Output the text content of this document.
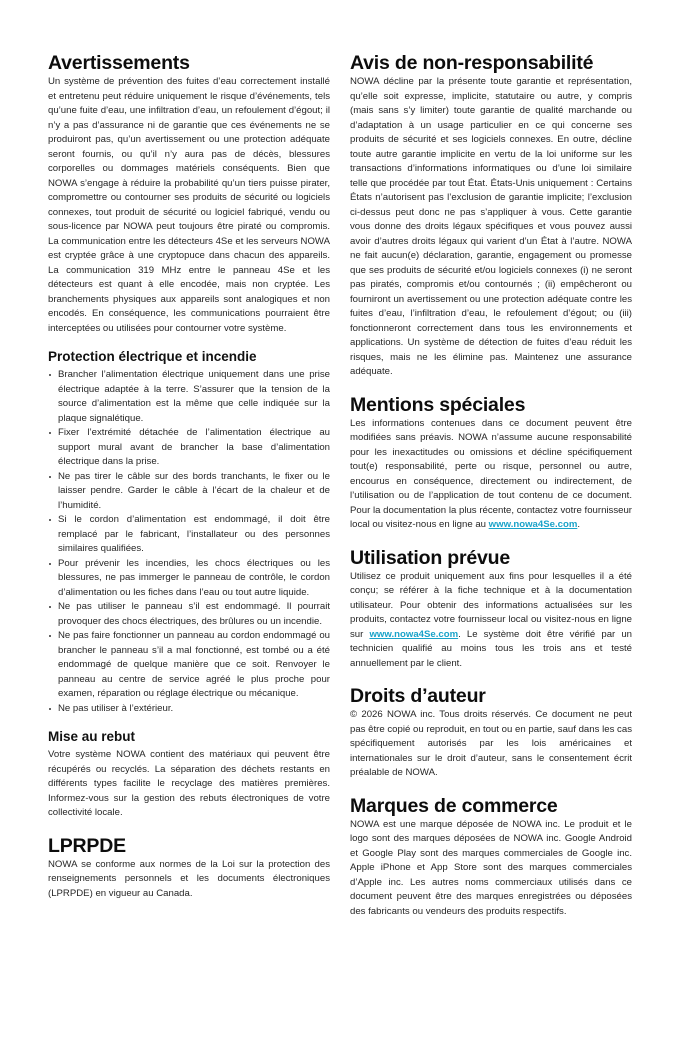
Avertissements

Un système de prévention des fuites d’eau correctement installé et entretenu peut réduire uniquement le risque d’événements, tels qu’une fuite d’eau, une infiltration d’eau, un refoulement d’égout; il n’y a pas d’assurance ni de garantie que ces événements ne se produiront pas, qu’un avertissement ou une protection adéquate seront fournis, ou qu’il n’y aura pas de décès, blessures corporelles ou dommages matériels conséquents. Bien que NOWA s’engage à réduire la probabilité qu’un tiers puisse pirater, compromettre ou contourner ses produits de sécurité ou logiciels connexes, tout produit de sécurité ou logiciel fabriqué, vendu ou sous-licence par NOWA peut toujours être piraté ou compromis. La communication entre les détecteurs 4Se et les serveurs NOWA est cryptée grâce à une cryptopuce dans chacun des appareils. La communication 319 MHz entre le panneau 4Se et les détecteurs est quant à elle encodée, mais non cryptée. Les branchements physiques aux appareils sont analogiques et non encodés. En conséquence, les communications pourraient être interceptées ou utilisées pour contourner votre système.

Protection électrique et incendie
Brancher l’alimentation électrique uniquement dans une prise électrique adaptée à la terre. S’assurer que la tension de la source d’alimentation est la même que celle indiquée sur la plaque signalétique.
Fixer l’extrémité détachée de l’alimentation électrique au support mural avant de brancher la base d’alimentation électrique dans la prise.
Ne pas tirer le câble sur des bords tranchants, le fixer ou le laisser pendre. Garder le câble à l’écart de la chaleur et de l’humidité.
Si le cordon d’alimentation est endommagé, il doit être remplacé par le fabricant, l’installateur ou des personnes similaires qualifiées.
Pour prévenir les incendies, les chocs électriques ou les blessures, ne pas immerger le panneau de contrôle, le cordon d’alimentation ou les fiches dans l’eau ou tout autre liquide.
Ne pas utiliser le panneau s’il est endommagé. Il pourrait provoquer des chocs électriques, des brûlures ou un incendie.
Ne pas faire fonctionner un panneau au cordon endommagé ou brancher le panneau s’il a mal fonctionné, est tombé ou a été endommagé de quelque manière que ce soit. Renvoyer le panneau au centre de service agréé le plus proche pour examen, réparation ou réglage électrique ou mécanique.
Ne pas utiliser à l’extérieur.
Mise au rebut

Votre système NOWA contient des matériaux qui peuvent être récupérés ou recyclés. La séparation des déchets restants en différents types facilite le recyclage des matières premières. Informez-vous sur la gestion des rebuts électroniques de votre collectivité locale.

LPRPDE

NOWA se conforme aux normes de la Loi sur la protection des renseignements personnels et les documents électroniques (LPRPDE) en vigueur au Canada.

Avis de non-responsabilité

NOWA décline par la présente toute garantie et représentation, qu’elle soit expresse, implicite, statutaire ou autre, y compris (mais sans s’y limiter) toute garantie de qualité marchande ou d’adaptation à un usage particulier en ce qui concerne ses produits de sécurité et ses logiciels connexes. En outre, décline toute autre garantie implicite en vertu de la loi uniforme sur les transactions d’informations informatiques ou d’une loi similaire telle que procédée par tout État. États-Unis uniquement : Certains États n’autorisent pas l’exclusion de garantie implicite; l’exclusion ci-dessus peut donc ne pas s’appliquer à vous. Cette garantie vous donne des droits légaux spécifiques et vous pouvez aussi avoir d’autres droits légaux qui varient d’un État à l’autre. NOWA ne fait aucun(e) déclaration, garantie, engagement ou promesse que ses produits de sécurité et/ou logiciels connexes (i) ne seront pas piratés, compromis et/ou contournés ; (ii) empêcheront ou fourniront un avertissement ou une protection adéquate contre les fuites d’eau, l’infiltration d’eau, le refoulement d’égout; ou (iii) fonctionneront correctement dans tous les environnements et applications. Un système de détection de fuites d’eau réduit les risques, mais ne les élimine pas. Maintenez une assurance adéquate.

Mentions spéciales

Les informations contenues dans ce document peuvent être modifiées sans préavis. NOWA n’assume aucune responsabilité pour les inexactitudes ou omissions et décline spécifiquement tout(e) responsabilité, perte ou risque, personnel ou autre, encourus en conséquence, directement ou indirectement, de l’utilisation ou de l’application de tout contenu de ce document. Pour la documentation la plus récente, contactez votre fournisseur local ou visitez-nous en ligne au www.nowa4Se.com.

Utilisation prévue

Utilisez ce produit uniquement aux fins pour lesquelles il a été conçu; se référer à la fiche technique et à la documentation utilisateur. Pour obtenir des informations actualisées sur les produits, contactez votre fournisseur local ou visitez-nous en ligne sur www.nowa4Se.com. Le système doit être vérifié par un technicien qualifié au moins tous les trois ans et testé annuellement par le client.

Droits d’auteur

© 2026 NOWA inc. Tous droits réservés. Ce document ne peut pas être copié ou reproduit, en tout ou en partie, sauf dans les cas spécifiquement autorisés par les lois américaines et internationales sur le droit d’auteur, sans le consentement écrit préalable de NOWA.

Marques de commerce

NOWA est une marque déposée de NOWA inc. Le produit et le logo sont des marques déposées de NOWA inc. Google Android et Google Play sont des marques commerciales de Google inc. Apple iPhone et App Store sont des marques commerciales d’Apple inc. Les autres noms commerciaux utilisés dans ce document peuvent être des marques enregistrées ou déposées des fabricants ou vendeurs des produits respectifs.
